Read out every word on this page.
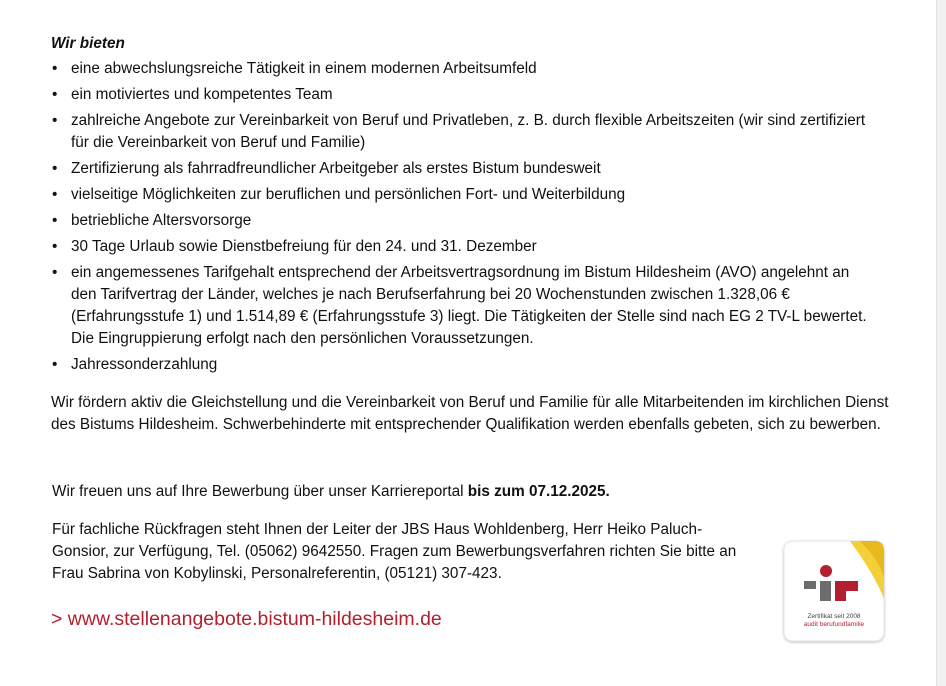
Wir bieten
• eine abwechslungsreiche Tätigkeit in einem modernen Arbeitsumfeld
• ein motiviertes und kompetentes Team
• zahlreiche Angebote zur Vereinbarkeit von Beruf und Privatleben, z. B. durch flexible Arbeitszeiten (wir sind zertifiziert für die Vereinbarkeit von Beruf und Familie)
• Zertifizierung als fahrradfreundlicher Arbeitgeber als erstes Bistum bundesweit
• vielseitige Möglichkeiten zur beruflichen und persönlichen Fort- und Weiterbildung
• betriebliche Altersvorsorge
• 30 Tage Urlaub sowie Dienstbefreiung für den 24. und 31. Dezember
• ein angemessenes Tarifgehalt entsprechend der Arbeitsvertragsordnung im Bistum Hildesheim (AVO) angelehnt an den Tarifvertrag der Länder, welches je nach Berufserfahrung bei 20 Wochenstunden zwischen 1.328,06 € (Erfahrungsstufe 1) und 1.514,89 € (Erfahrungsstufe 3) liegt. Die Tätigkeiten der Stelle sind nach EG 2 TV-L bewertet. Die Eingruppierung erfolgt nach den persönlichen Voraussetzungen.
• Jahressonderzahlung

Wir fördern aktiv die Gleichstellung und die Vereinbarkeit von Beruf und Familie für alle Mitarbeitenden im kirchlichen Dienst des Bistums Hildesheim. Schwerbehinderte mit entsprechender Qualifikation werden ebenfalls gebeten, sich zu bewerben.

Wir freuen uns auf Ihre Bewerbung über unser Karriereportal bis zum 07.12.2025.

Für fachliche Rückfragen steht Ihnen der Leiter der JBS Haus Wohldenberg, Herr Heiko Paluch-Gonsior, zur Verfügung, Tel. (05062) 9642550. Fragen zum Bewerbungsverfahren richten Sie bitte an Frau Sabrina von Kobylinski, Personalreferentin, (05121) 307-423.

> www.stellenangebote.bistum-hildesheim.de	Zertifikat seit 2008
audit berufundfamilie
